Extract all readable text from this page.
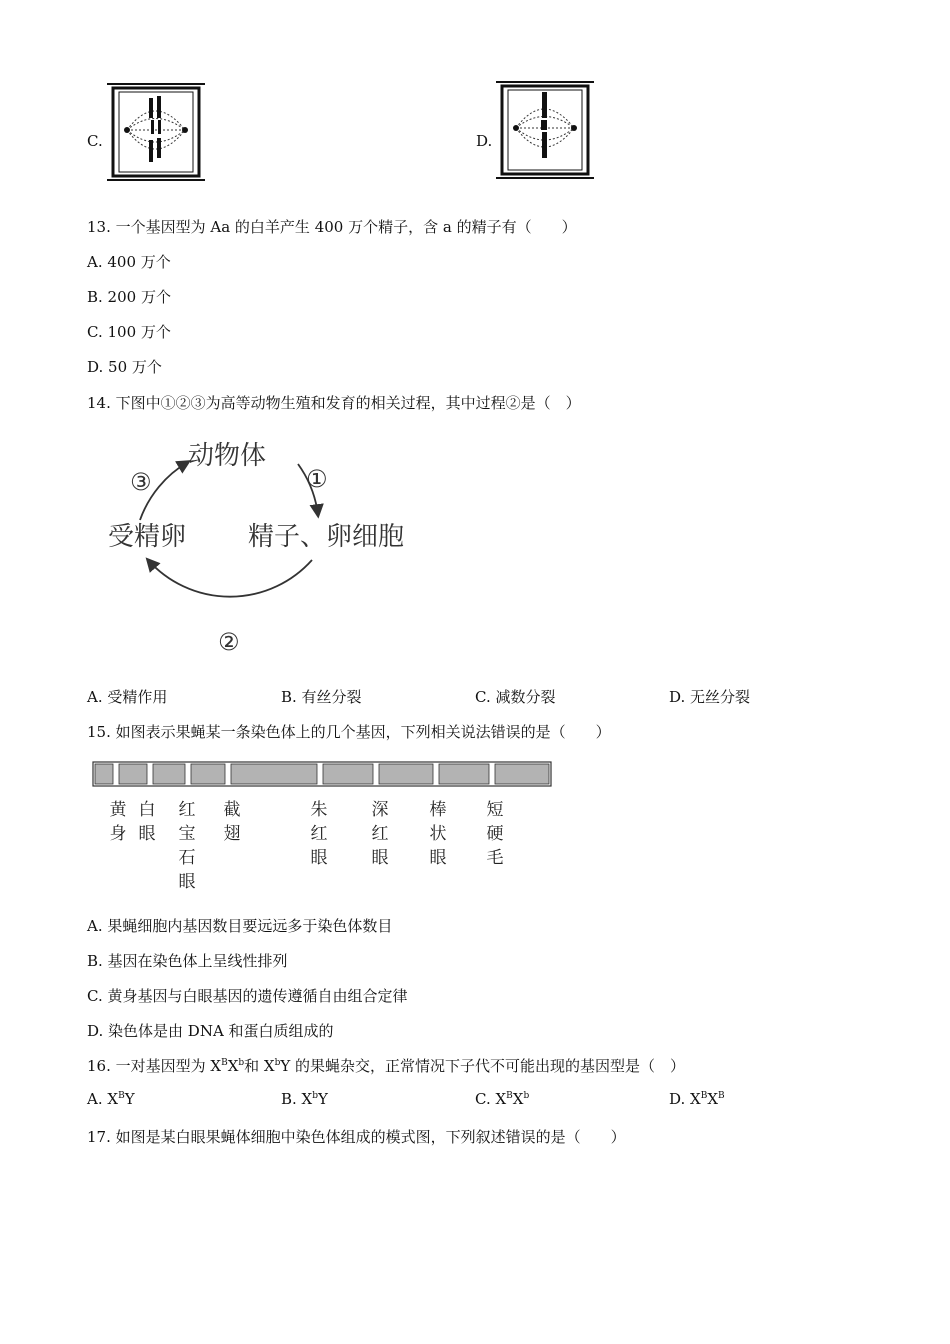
C.	D.
13. 一个基因型为 Aa 的白羊产生 400 万个精子，含 a 的精子有（　　）
A. 400 万个
B. 200 万个
C. 100 万个
D. 50 万个
14. 下图中①②③为高等动物生殖和发育的相关过程，其中过程②是（　）
动物体
精子、卵细胞
受精卵
①
②
③
A. 受精作用	B. 有丝分裂	C. 减数分裂	D. 无丝分裂
15. 如图表示果蝇某一条染色体上的几个基因，下列相关说法错误的是（　　）
黄身
白眼
红宝石眼
截翅
朱红眼
深红眼
棒状眼
短硬毛
A. 果蝇细胞内基因数目要远远多于染色体数目
B. 基因在染色体上呈线性排列
C. 黄身基因与白眼基因的遗传遵循自由组合定律
D. 染色体是由 DNA 和蛋白质组成的
16. 一对基因型为 $X^BX^b$和 $X^bY$ 的果蝇杂交，正常情况下子代不可能出现的基因型是（　）
A. $X^BY$	B. $X^bY$	C. $X^BX^b$	D. $X^BX^B$
17. 如图是某白眼果蝇体细胞中染色体组成的模式图，下列叙述错误的是（　　）
